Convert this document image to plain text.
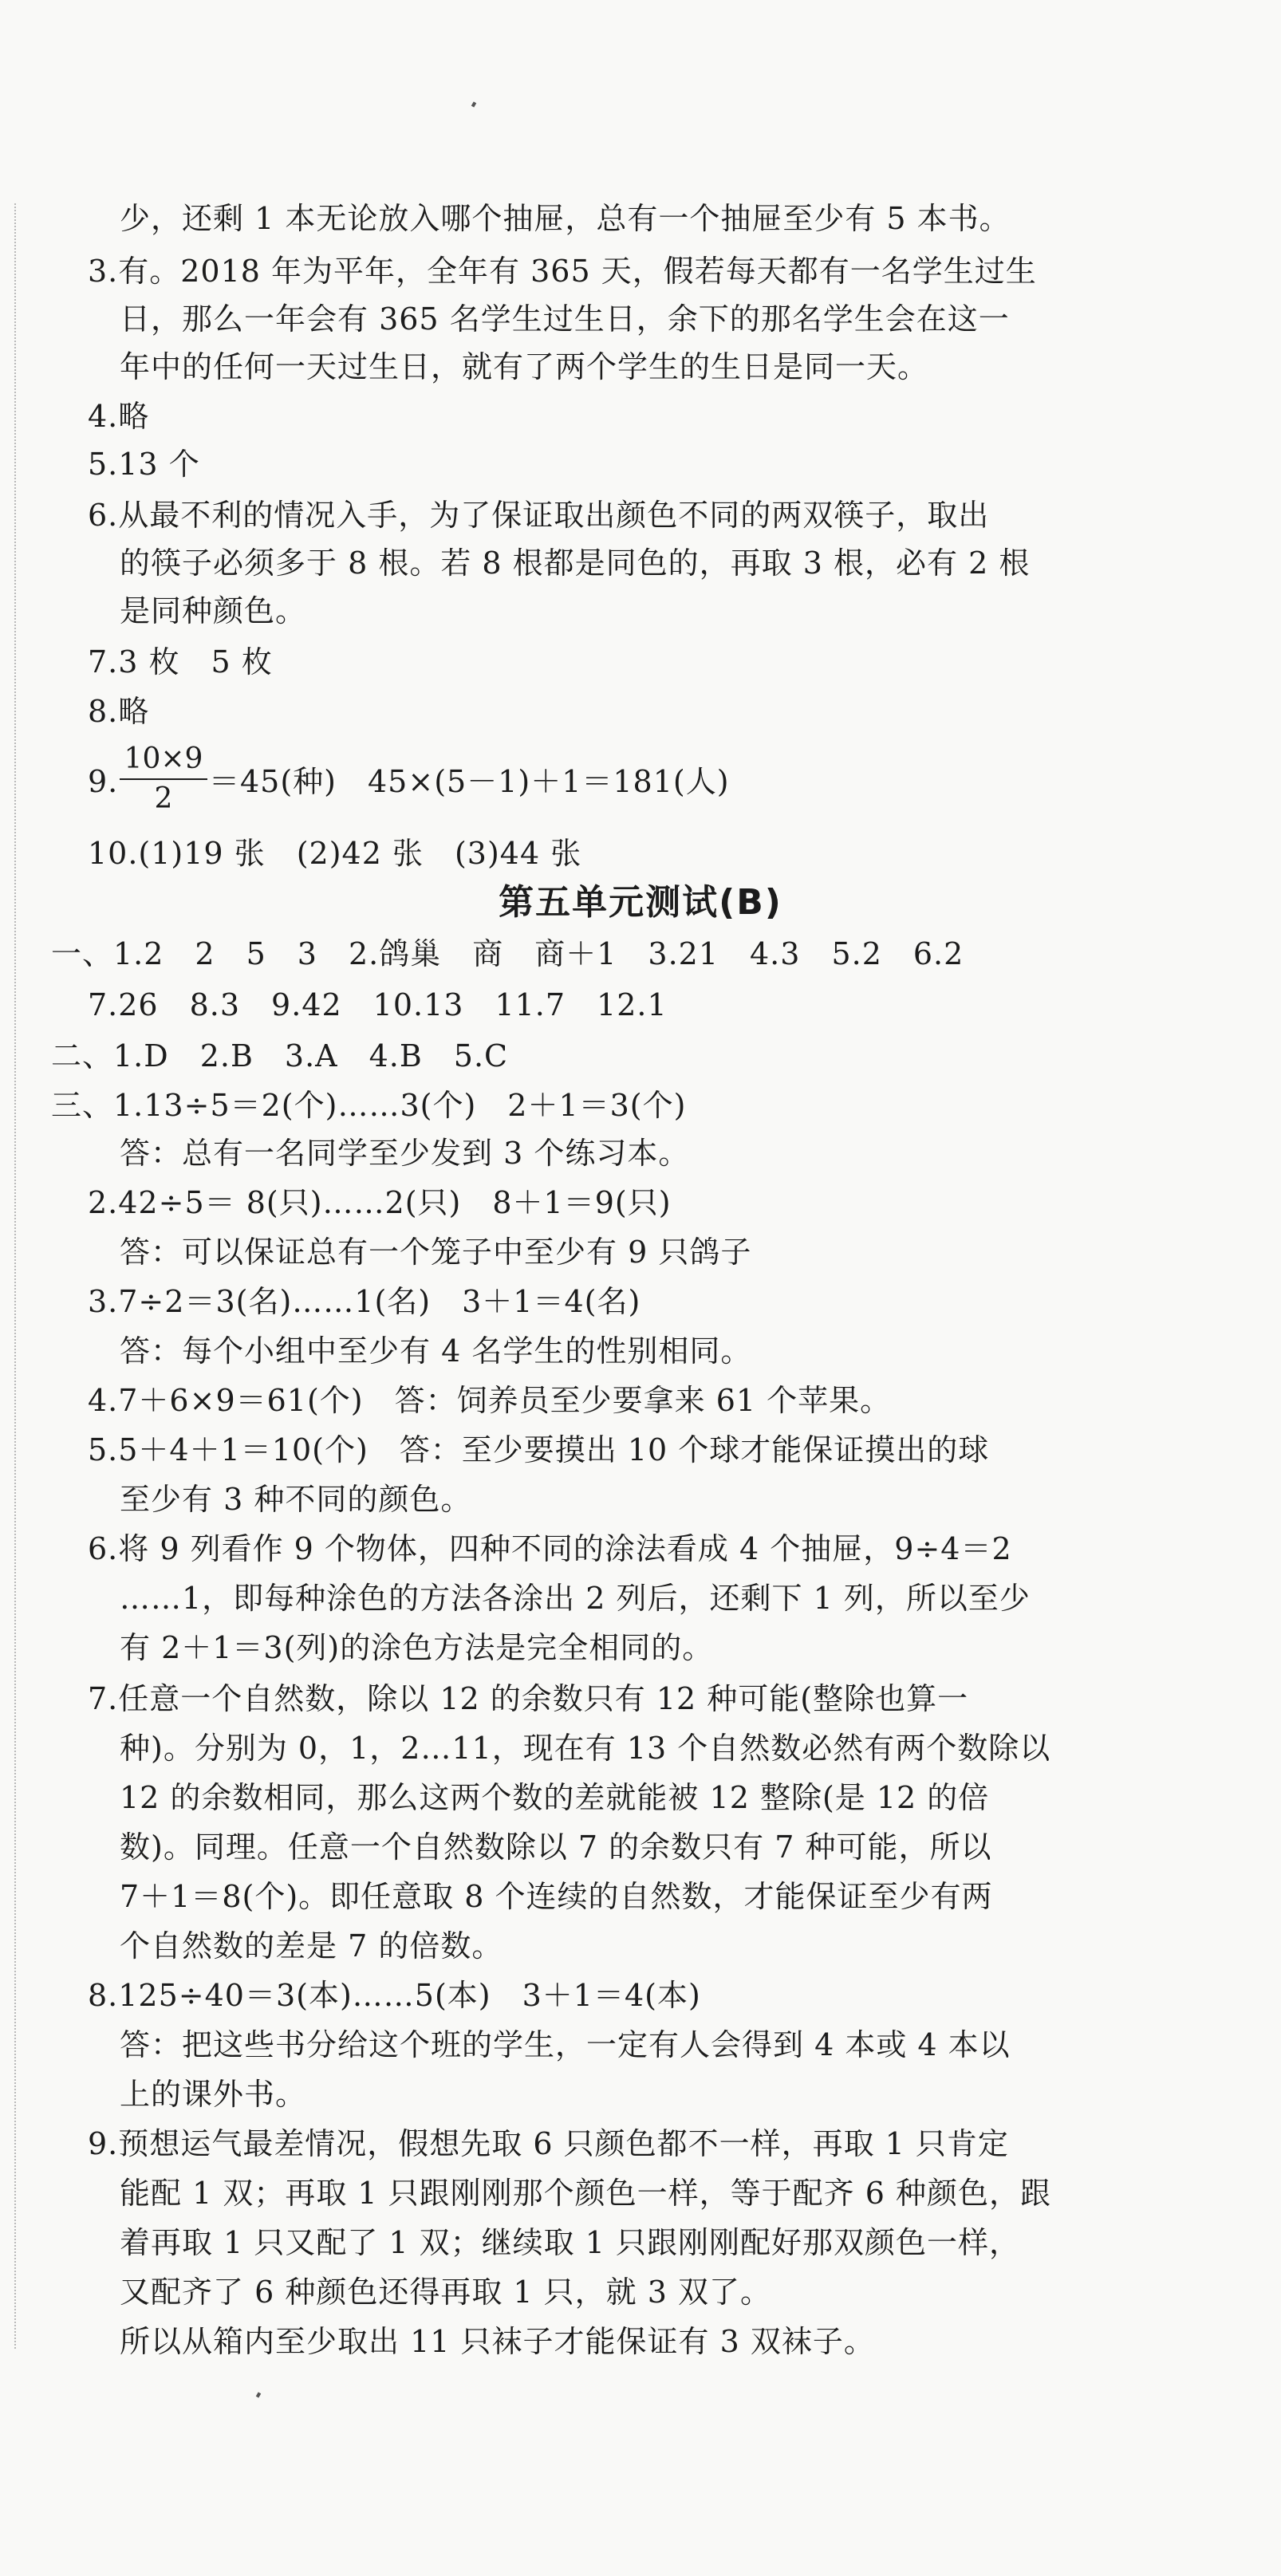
少，还剩 1 本无论放入哪个抽屉，总有一个抽屉至少有 5 本书。
3.有。2018 年为平年，全年有 365 天，假若每天都有一名学生过生
日，那么一年会有 365 名学生过生日，余下的那名学生会在这一
年中的任何一天过生日，就有了两个学生的生日是同一天。
4.略
5.13 个
6.从最不利的情况入手，为了保证取出颜色不同的两双筷子，取出
的筷子必须多于 8 根。若 8 根都是同色的，再取 3 根，必有 2 根
是同种颜色。
7.3 枚　5 枚
8.略
9. $\frac{10\times 9}{2} =45$(种)　45×(5－1)＋1＝181(人)
10.(1)19 张　(2)42 张　(3)44 张
第五单元测试(B)
一、1.2　2　5　3　2.鸽巢　商　商＋1　3.21　4.3　5.2　6.2
7.26　8.3　9.42　10.13　11.7　12.1
二、1.D　2.B　3.A　4.B　5.C
三、1.13÷5＝2(个)……3(个)　2＋1＝3(个)
答：总有一名同学至少发到 3 个练习本。
2.42÷5＝ 8(只)……2(只)　8＋1＝9(只)
答：可以保证总有一个笼子中至少有 9 只鸽子
3.7÷2＝3(名)……1(名)　3＋1＝4(名)
答：每个小组中至少有 4 名学生的性别相同。
4.7＋6×9＝61(个)　答：饲养员至少要拿来 61 个苹果。
5.5＋4＋1＝10(个)　答：至少要摸出 10 个球才能保证摸出的球
至少有 3 种不同的颜色。
6.将 9 列看作 9 个物体，四种不同的涂法看成 4 个抽屉，9÷4＝2
……1，即每种涂色的方法各涂出 2 列后，还剩下 1 列，所以至少
有 2＋1＝3(列)的涂色方法是完全相同的。
7.任意一个自然数，除以 12 的余数只有 12 种可能(整除也算一
种)。分别为 0，1，2…11，现在有 13 个自然数必然有两个数除以
12 的余数相同，那么这两个数的差就能被 12 整除(是 12 的倍
数)。同理。任意一个自然数除以 7 的余数只有 7 种可能，所以
7＋1＝8(个)。即任意取 8 个连续的自然数，才能保证至少有两
个自然数的差是 7 的倍数。
8.125÷40＝3(本)……5(本)　3＋1＝4(本)
答：把这些书分给这个班的学生，一定有人会得到 4 本或 4 本以
上的课外书。
9.预想运气最差情况，假想先取 6 只颜色都不一样，再取 1 只肯定
能配 1 双；再取 1 只跟刚刚那个颜色一样，等于配齐 6 种颜色，跟
着再取 1 只又配了 1 双；继续取 1 只跟刚刚配好那双颜色一样，
又配齐了 6 种颜色还得再取 1 只，就 3 双了。
所以从箱内至少取出 11 只袜子才能保证有 3 双袜子。
